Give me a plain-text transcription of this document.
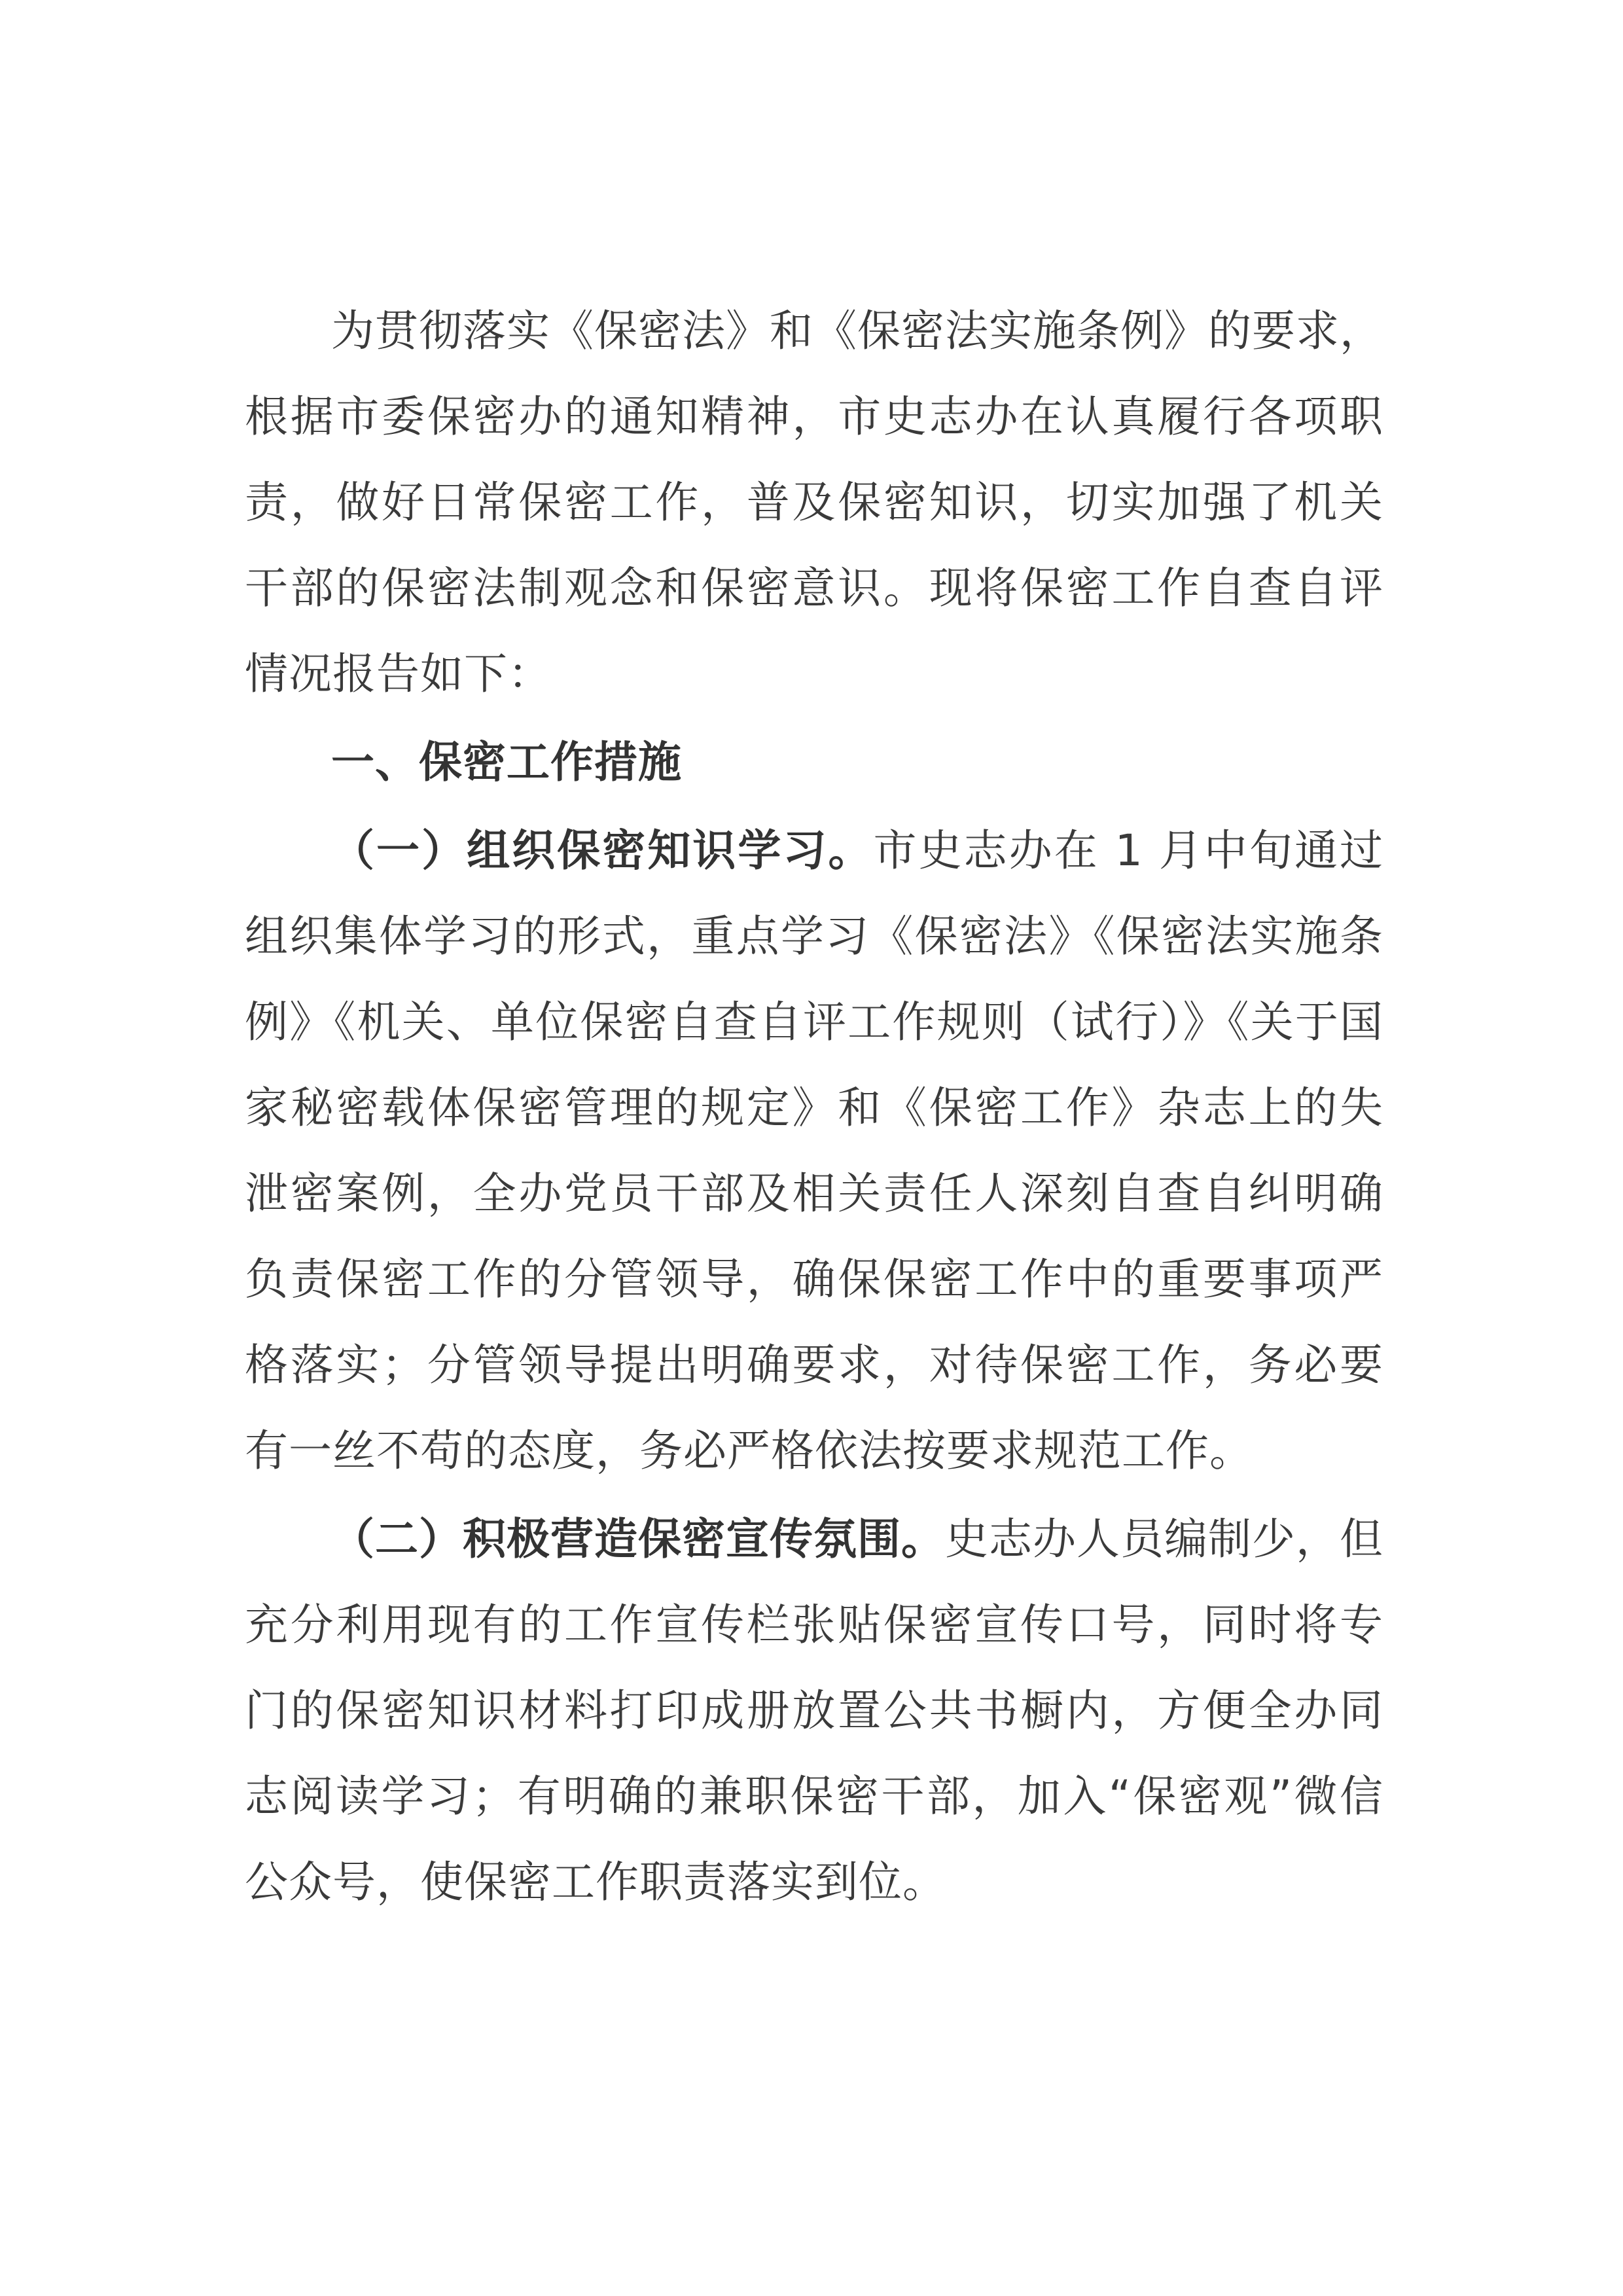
为贯彻落实《保密法》和《保密法实施条例》的要求，根据市委保密办的通知精神，市史志办在认真履行各项职责，做好日常保密工作，普及保密知识，切实加强了机关干部的保密法制观念和保密意识。现将保密工作自查自评情况报告如下：

一、保密工作措施

（一）组织保密知识学习。市史志办在 1 月中旬通过组织集体学习的形式，重点学习《保密法》《保密法实施条例》《机关、单位保密自查自评工作规则（试行）》《关于国家秘密载体保密管理的规定》和《保密工作》杂志上的失泄密案例，全办党员干部及相关责任人深刻自查自纠明确负责保密工作的分管领导，确保保密工作中的重要事项严格落实；分管领导提出明确要求，对待保密工作，务必要有一丝不苟的态度，务必严格依法按要求规范工作。

（二）积极营造保密宣传氛围。史志办人员编制少，但充分利用现有的工作宣传栏张贴保密宣传口号，同时将专门的保密知识材料打印成册放置公共书橱内，方便全办同志阅读学习；有明确的兼职保密干部，加入“保密观”微信公众号，使保密工作职责落实到位。
